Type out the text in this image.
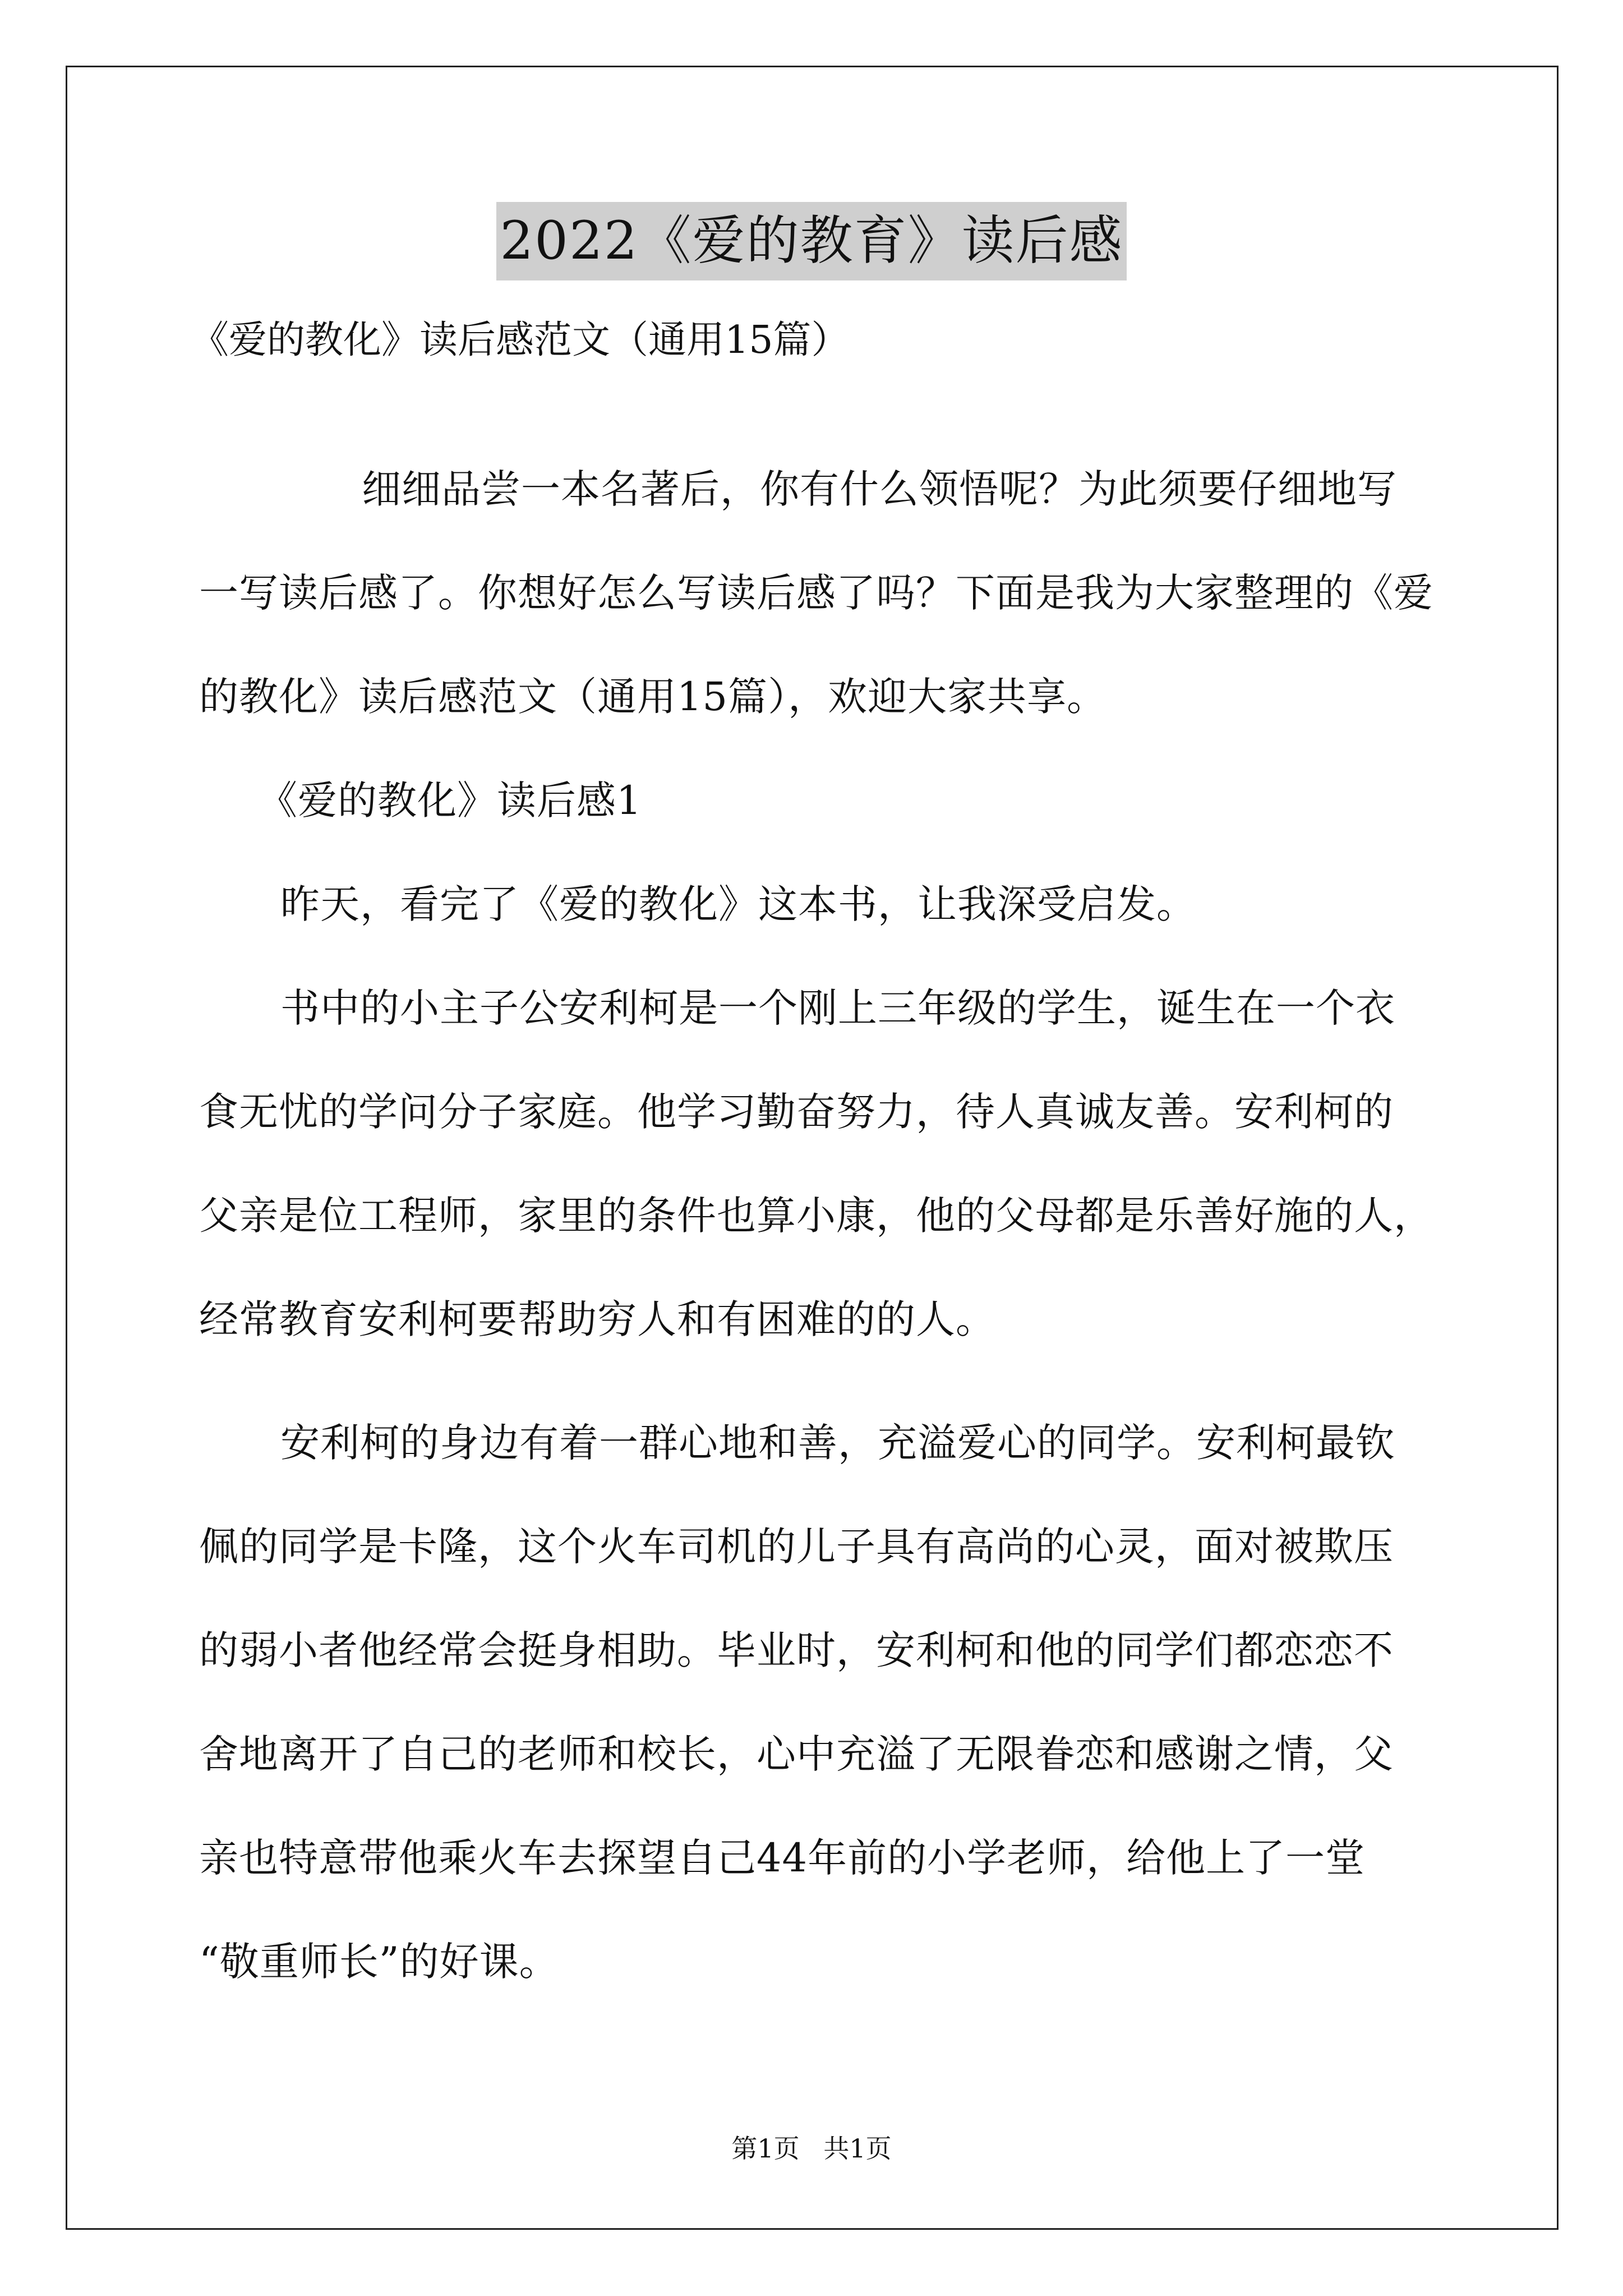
2022《爱的教育》读后感
《爱的教化》读后感范文（通用15篇）
细细品尝一本名著后，你有什么领悟呢？为此须要仔细地写
一写读后感了。你想好怎么写读后感了吗？下面是我为大家整理的《爱
的教化》读后感范文（通用15篇），欢迎大家共享。
《爱的教化》读后感1
昨天，看完了《爱的教化》这本书，让我深受启发。
书中的小主子公安利柯是一个刚上三年级的学生，诞生在一个衣
食无忧的学问分子家庭。他学习勤奋努力，待人真诚友善。安利柯的
父亲是位工程师，家里的条件也算小康，他的父母都是乐善好施的人，
经常教育安利柯要帮助穷人和有困难的的人。
安利柯的身边有着一群心地和善，充溢爱心的同学。安利柯最钦
佩的同学是卡隆，这个火车司机的儿子具有高尚的心灵，面对被欺压
的弱小者他经常会挺身相助。毕业时，安利柯和他的同学们都恋恋不
舍地离开了自己的老师和校长，心中充溢了无限眷恋和感谢之情，父
亲也特意带他乘火车去探望自己44年前的小学老师，给他上了一堂
“敬重师长”的好课。
第1页 共1页
